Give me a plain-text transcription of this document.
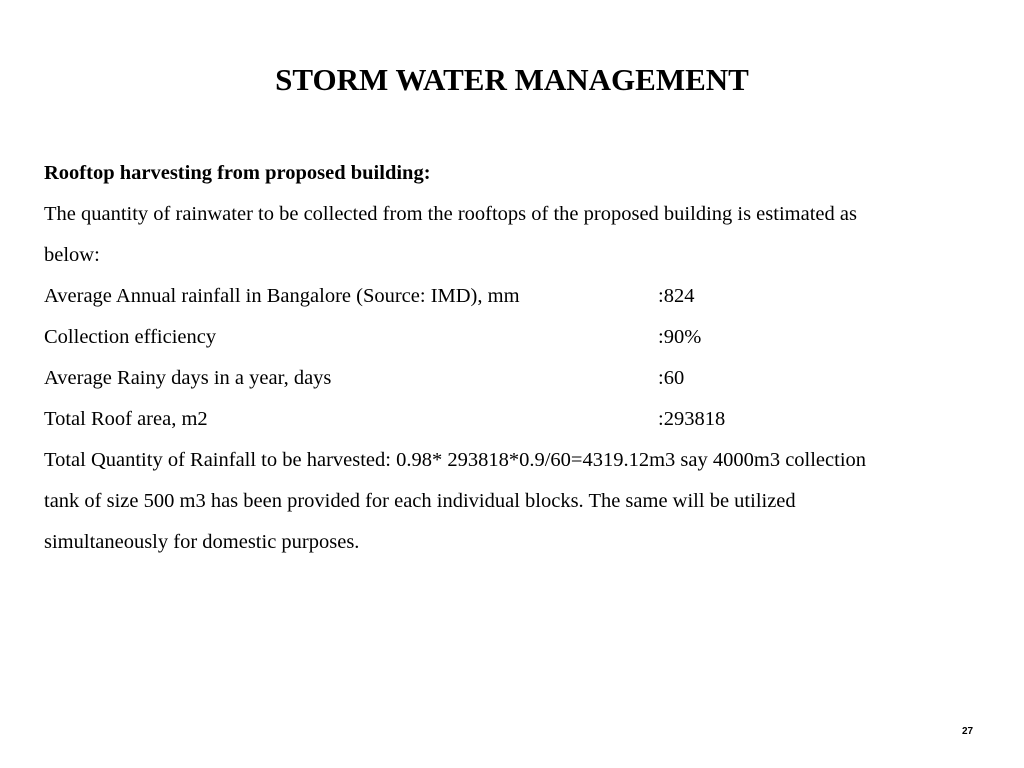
STORM WATER MANAGEMENT
Rooftop harvesting from proposed building:
The quantity of rainwater to be collected from the rooftops of the proposed building is estimated as
below:
Average Annual rainfall in Bangalore (Source: IMD), mm	:824
Collection efficiency	:90%
Average Rainy days in a year, days	:60
Total Roof area, m2	:293818
Total Quantity of Rainfall to be harvested: 0.98* 293818*0.9/60=4319.12m3 say 4000m3 collection
tank of size 500 m3 has been provided for each individual blocks. The same will be utilized
simultaneously for domestic purposes.
27
